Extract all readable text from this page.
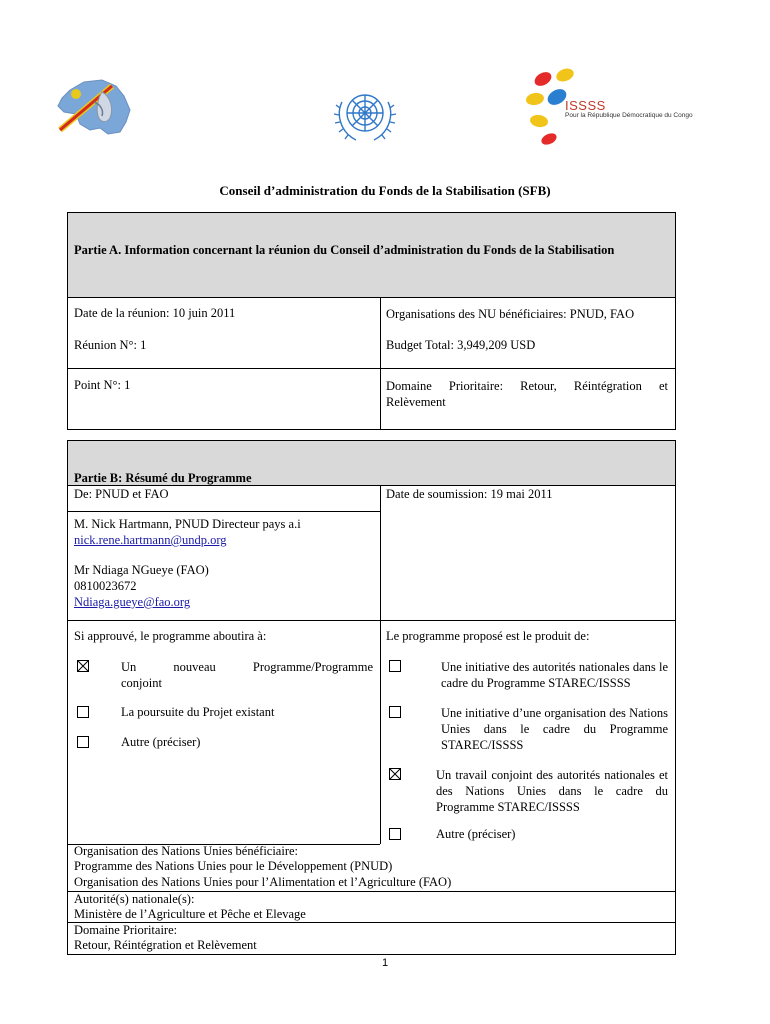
ISSSS
Pour la République Démocratique du Congo
Conseil d’administration du Fonds de la Stabilisation (SFB)

Partie A. Information concernant la réunion du Conseil d’administration du Fonds de la Stabilisation

Date de la réunion: 10 juin 2011

Réunion N°: 1

Point N°: 1

Organisations des NU bénéficiaires: PNUD, FAO

Budget Total: 3,949,209 USD

Domaine Prioritaire: Retour, Réintégration et Relèvement

Partie B: Résumé du Programme

De: PNUD et FAO	Date de soumission: 19 mai 2011

M. Nick Hartmann, PNUD Directeur pays a.i

nick.rene.hartmann@undp.org

Mr Ndiaga NGueye (FAO)

0810023672

Ndiaga.gueye@fao.org

Si approuvé, le programme aboutira à:	Le programme proposé est le produit de:

Un nouveau Programme/Programme conjoint

La poursuite du Projet existant

Autre (préciser)

Une initiative des autorités nationales dans le cadre du Programme STAREC/ISSSS

Une initiative d’une organisation des Nations Unies dans le cadre du Programme STAREC/ISSSS

Un travail conjoint des autorités nationales et des Nations Unies dans le cadre du Programme STAREC/ISSSS

Autre (préciser)

Organisation des Nations Unies bénéficiaire:

Programme des Nations Unies pour le Développement (PNUD)

Organisation des Nations Unies pour l’Alimentation et l’Agriculture (FAO)

Autorité(s) nationale(s):

Ministère de l’Agriculture et Pêche et Elevage

Domaine Prioritaire:

Retour, Réintégration et Relèvement

1
